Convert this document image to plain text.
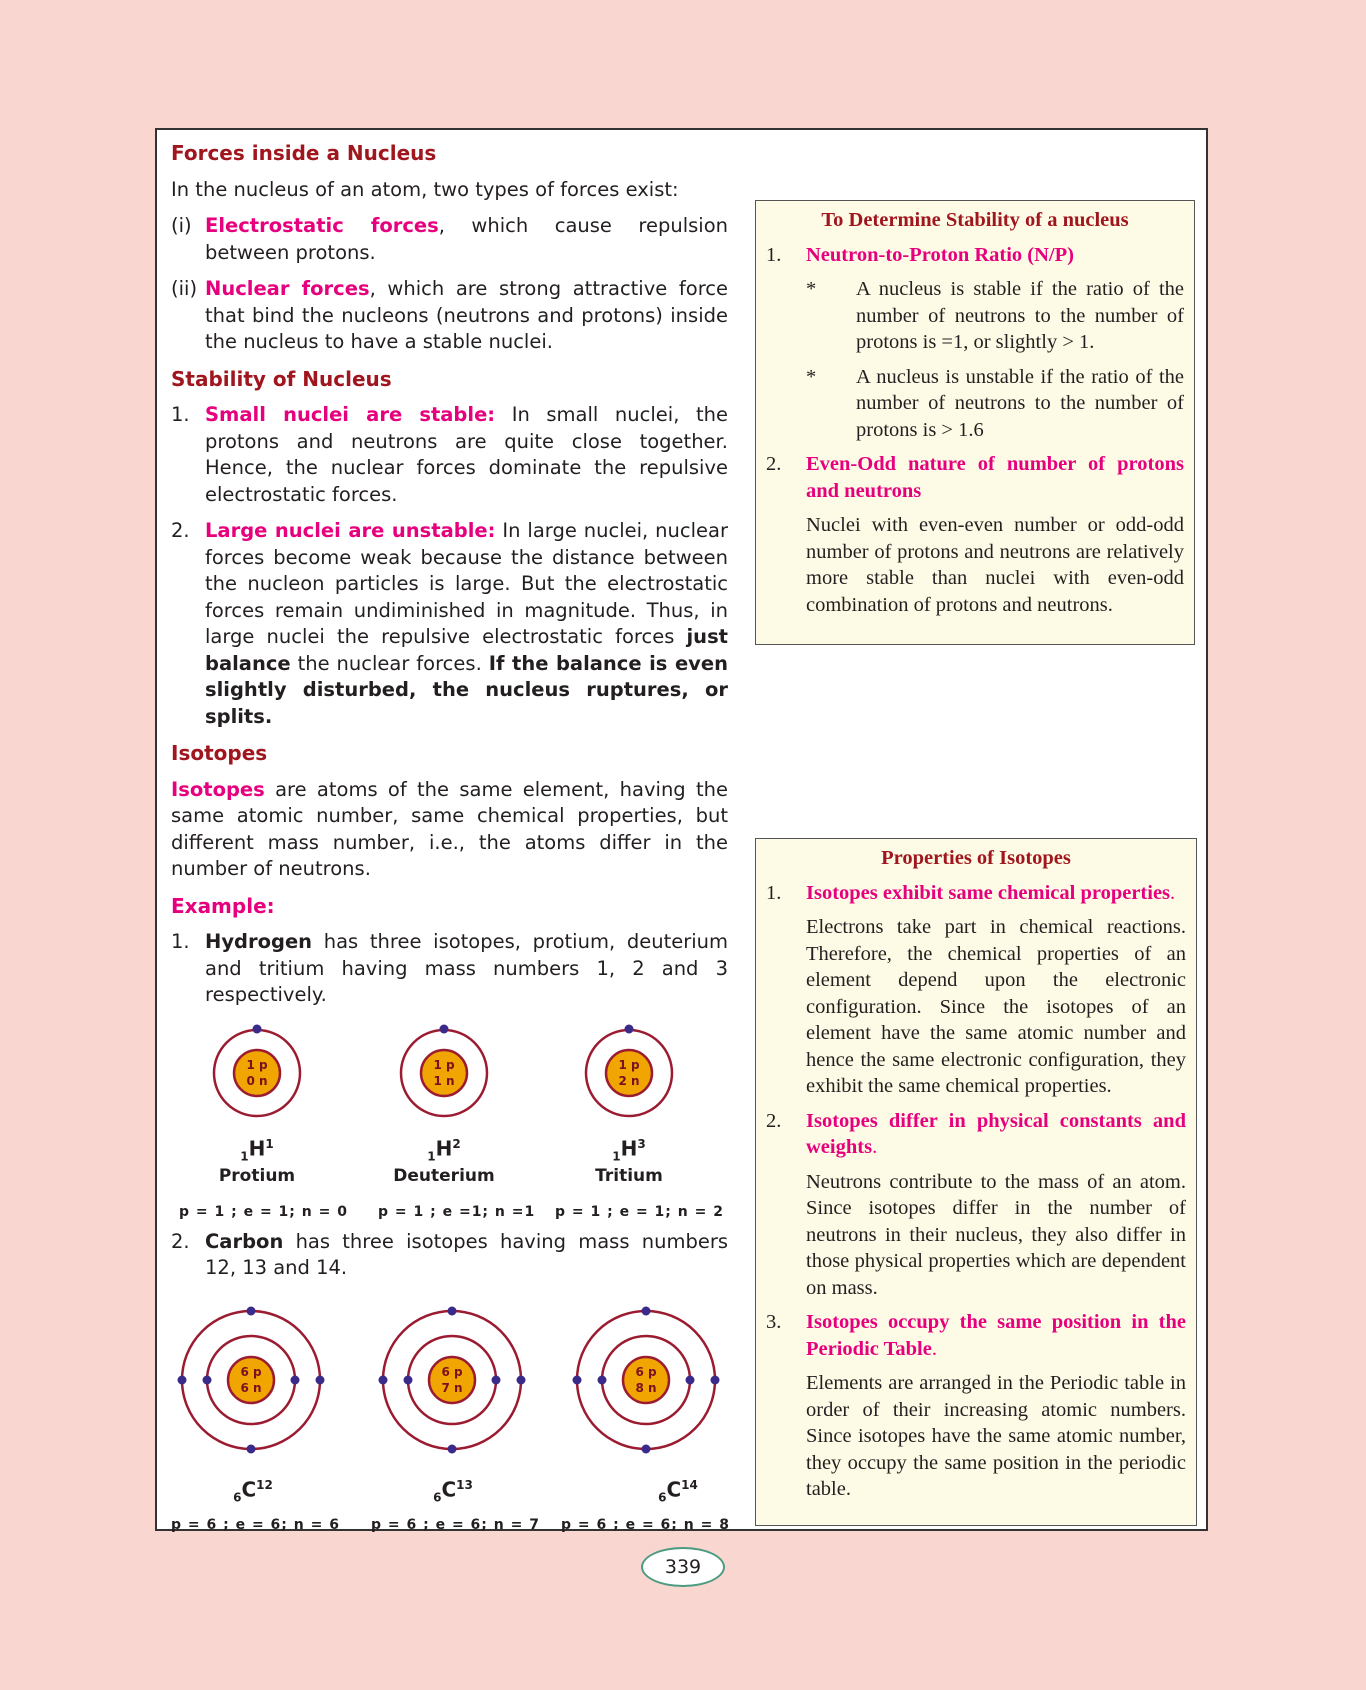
Forces inside a Nucleus
In the nucleus of an atom, two types of forces exist:
(i) Electrostatic forces, which cause repulsion between protons.
(ii) Nuclear forces, which are strong attractive force that bind the nucleons (neutrons and protons) inside the nucleus to have a stable nuclei.
Stability of Nucleus
1. Small nuclei are stable: In small nuclei, the protons and neutrons are quite close together. Hence, the nuclear forces dominate the repulsive electrostatic forces.
2. Large nuclei are unstable: In large nuclei, nuclear forces become weak because the distance between the nucleon particles is large. But the electrostatic forces remain undiminished in magnitude. Thus, in large nuclei the repulsive electrostatic forces just balance the nuclear forces. If the balance is even slightly disturbed, the nucleus ruptures, or splits.
Isotopes
Isotopes are atoms of the same element, having the same atomic number, same chemical properties, but different mass number, i.e., the atoms differ in the number of neutrons.
Example:
1. Hydrogen has three isotopes, protium, deuterium and tritium having mass numbers 1, 2 and 3 respectively.
1 p
0 n
$_1H^1$
Protium
p = 1 ; e = 1; n = 0
1 p
1 n
$_1H^2$
Deuterium
p = 1 ; e =1; n =1
1 p
2 n
$_1H^3$
Tritium
p = 1 ; e = 1; n = 2
2. Carbon has three isotopes having mass numbers 12, 13 and 14.
6 p
6 n
$_6C^{12}$
p = 6 ; e = 6; n = 6
6 p
7 n
$_6C^{13}$
p = 6 ; e = 6; n = 7
6 p
8 n
$_6C^{14}$
p = 6 ; e = 6; n = 8
To Determine Stability of a nucleus
1.	Neutron-to-Proton Ratio (N/P)
*	A nucleus is stable if the ratio of the number of neutrons to the number of protons is =1, or slightly > 1.
*	A nucleus is unstable if the ratio of the number of neutrons to the number of protons is > 1.6
2.	Even-Odd nature of number of protons and neutrons
Nuclei with even-even number or odd-odd number of protons and neutrons are relatively more stable than nuclei with even-odd combination of protons and neutrons.
Properties of Isotopes
1.	Isotopes exhibit same chemical properties.
Electrons take part in chemical reactions. Therefore, the chemical properties of an element depend upon the electronic configuration. Since the isotopes of an element have the same atomic number and hence the same electronic configuration, they exhibit the same chemical properties.
2.	Isotopes differ in physical constants and weights.
Neutrons contribute to the mass of an atom. Since isotopes differ in the number of neutrons in their nucleus, they also differ in those physical properties which are dependent on mass.
3.	Isotopes occupy the same position in the Periodic Table.
Elements are arranged in the Periodic table in order of their increasing atomic numbers. Since isotopes have the same atomic number, they occupy the same position in the periodic table.
339
